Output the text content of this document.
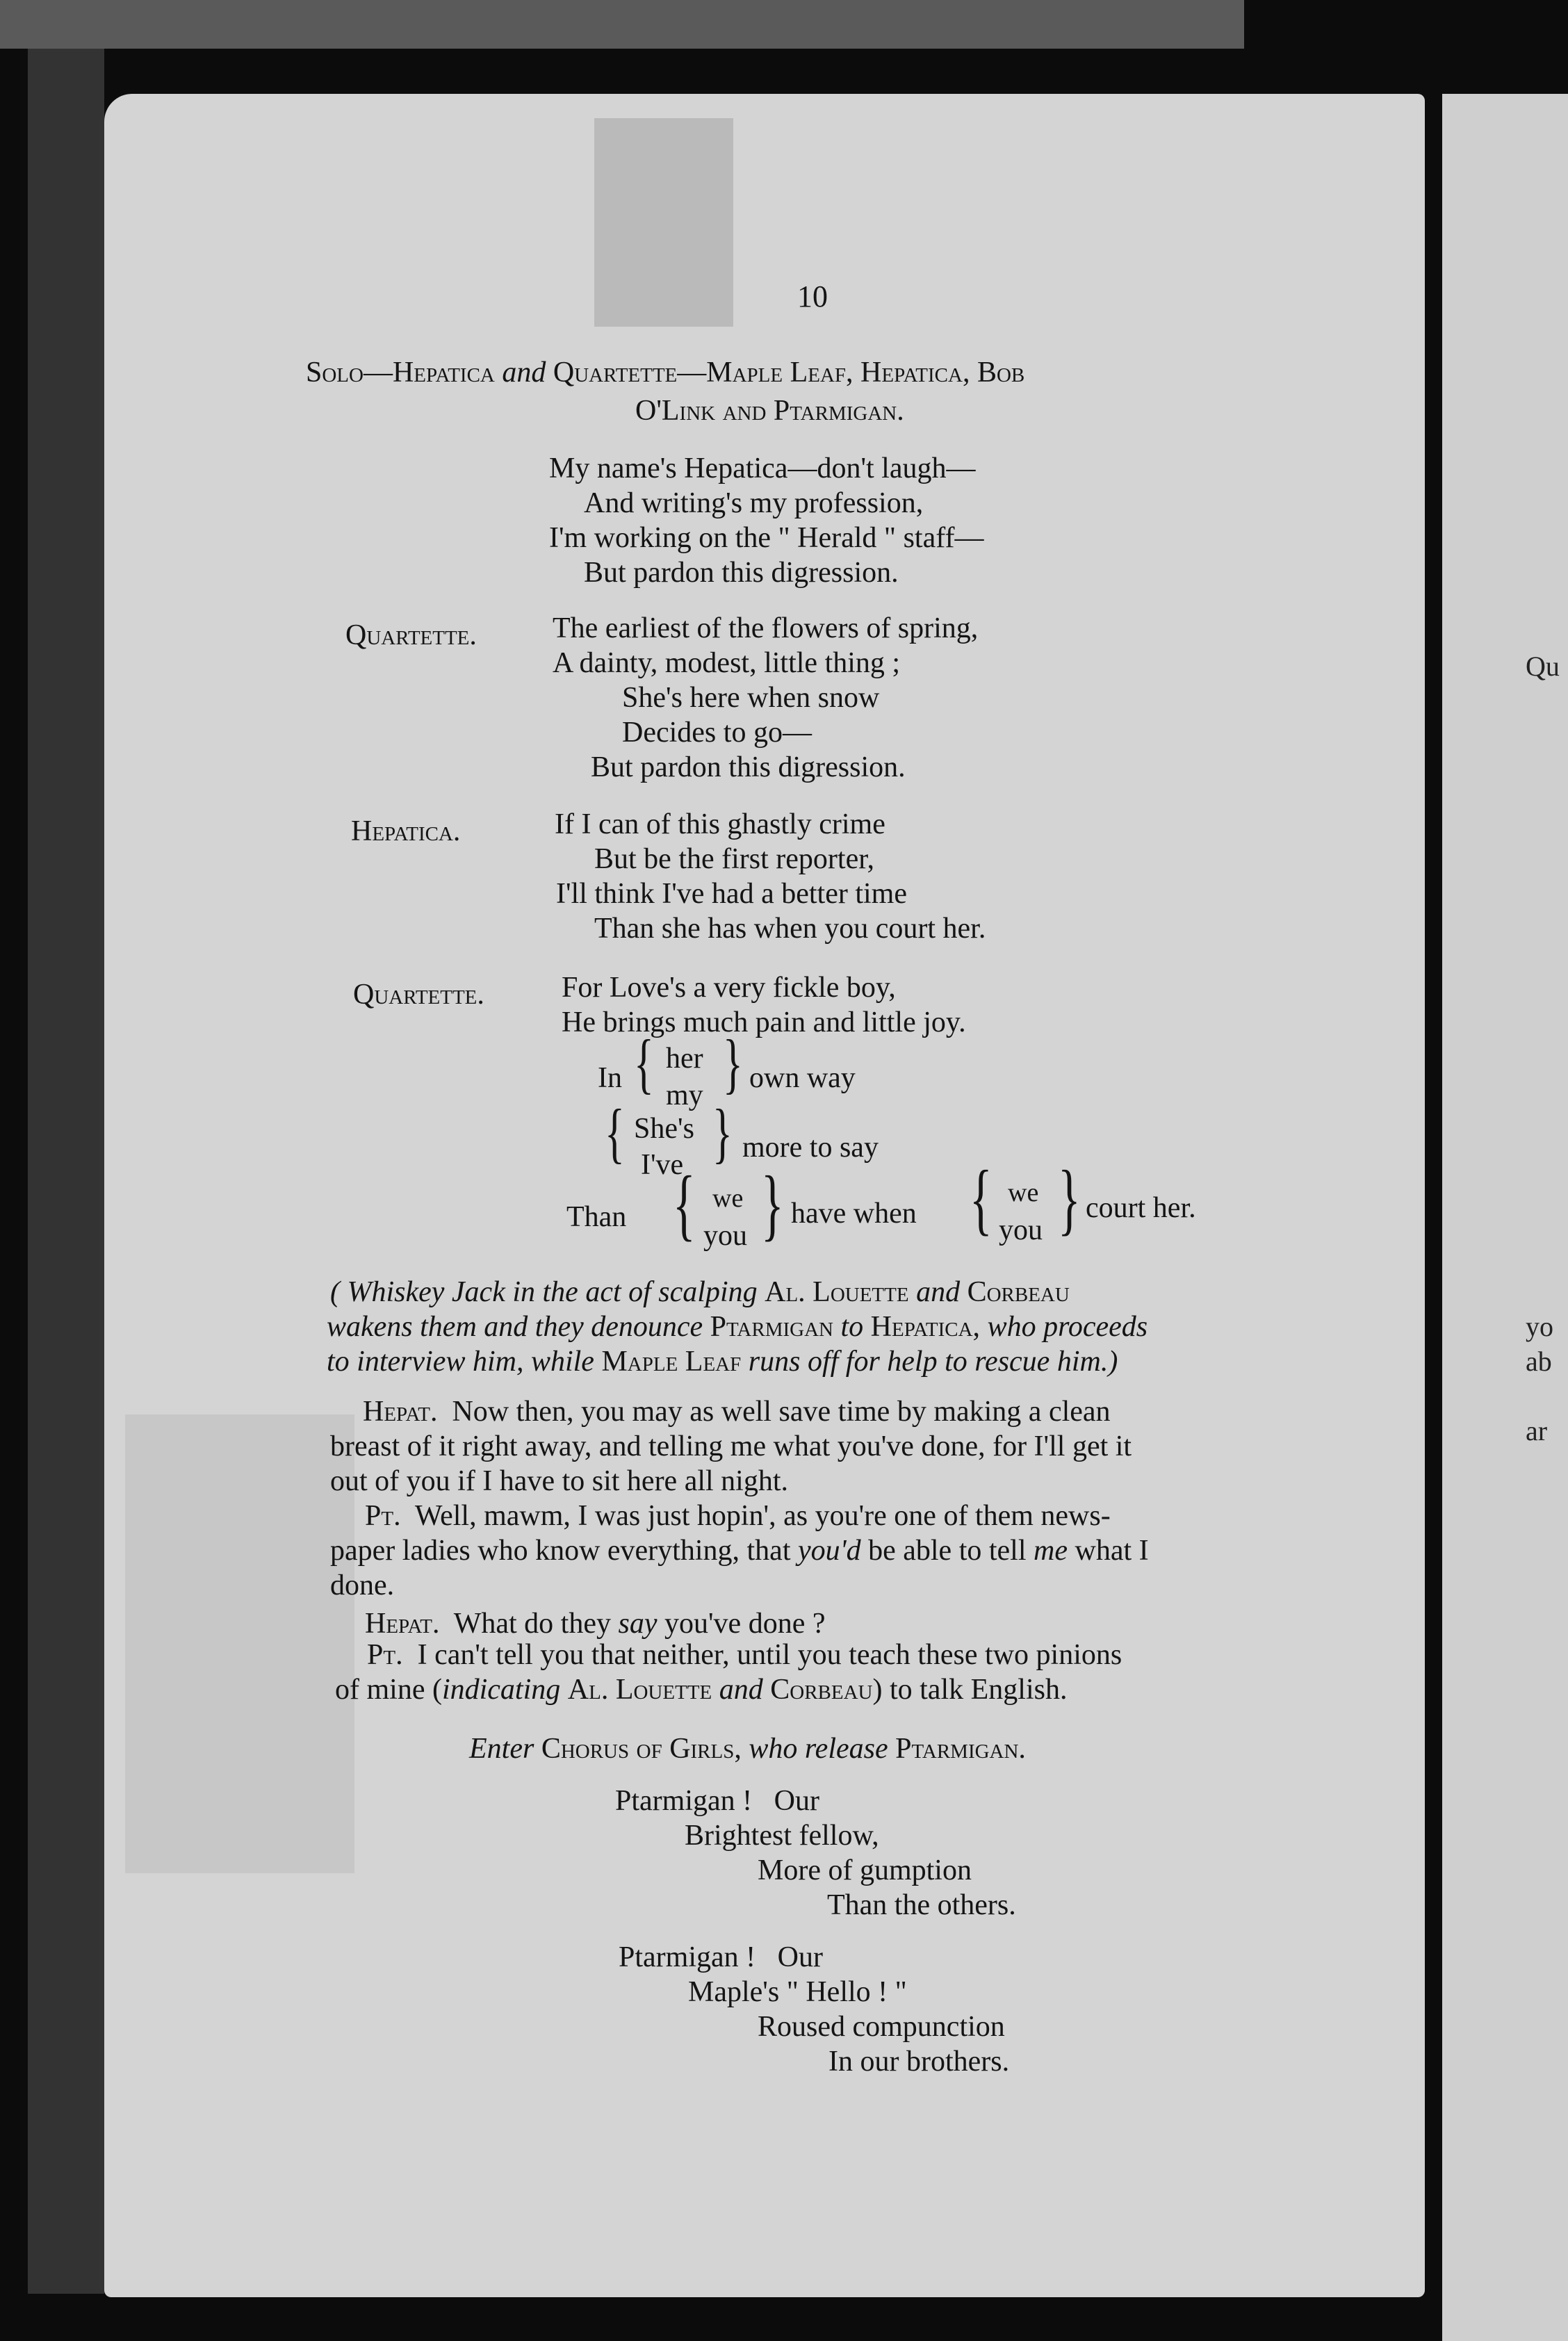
Qu
yo
ab
ar
10
Solo—Hepatica and Quartette—Maple Leaf, Hepatica, Bob
O'Link and Ptarmigan.
My name's Hepatica—don't laugh—
And writing's my profession,
I'm working on the " Herald " staff—
But pardon this digression.
Quartette.	The earliest of the flowers of spring,
A dainty, modest, little thing ;
She's here when snow
Decides to go—
But pardon this digression.
Hepatica.	If I can of this ghastly crime
But be the first reporter,
I'll think I've had a better time
Than she has when you court her.
Quartette.	For Love's a very fickle boy,
He brings much pain and little joy.
In { her
my } own way
{ She's
I've } more to say
Than { we
you } have when { we
you } court her.
( Whiskey Jack in the act of scalping Al. Louette and Corbeau
wakens them and they denounce Ptarmigan to Hepatica, who proceeds
to interview him, while Maple Leaf runs off for help to rescue him.)
Hepat. Now then, you may as well save time by making a clean
breast of it right away, and telling me what you've done, for I'll get it
out of you if I have to sit here all night.
Pt. Well, mawm, I was just hopin', as you're one of them news-
paper ladies who know everything, that you'd be able to tell me what I
done.
Hepat. What do they say you've done ?
Pt. I can't tell you that neither, until you teach these two pinions
of mine (indicating Al. Louette and Corbeau) to talk English.
Enter Chorus of Girls, who release Ptarmigan.
Ptarmigan !   Our
Brightest fellow,
More of gumption
Than the others.
Ptarmigan !   Our
Maple's " Hello ! "
Roused compunction
In our brothers.
